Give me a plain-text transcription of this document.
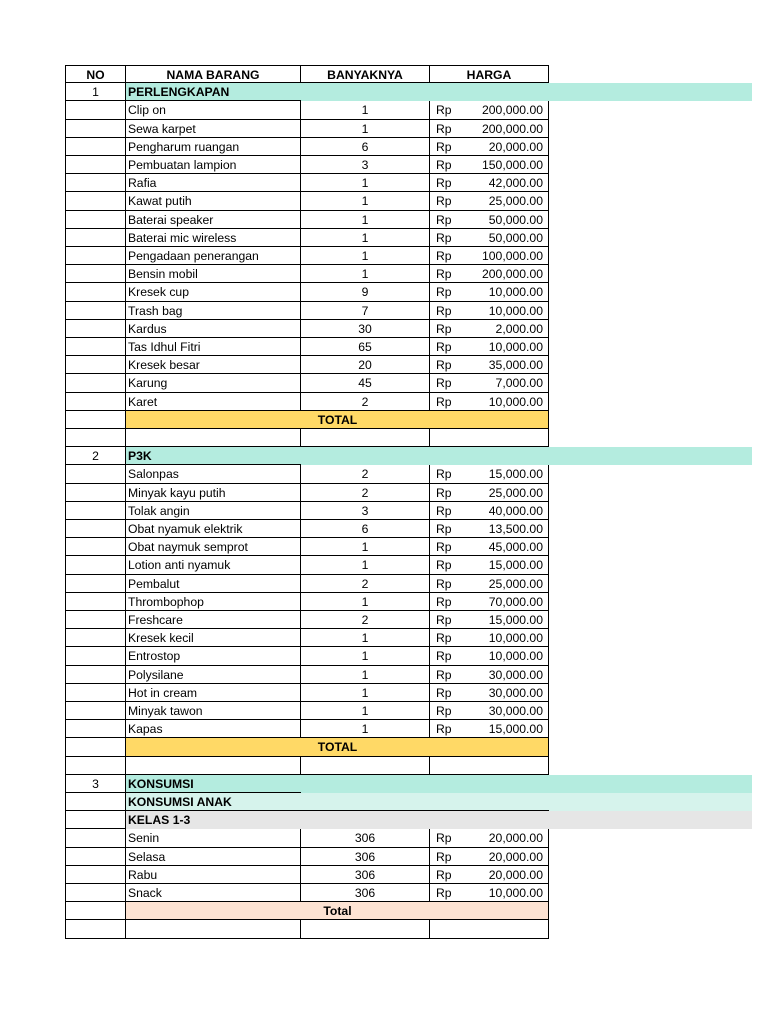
NO	NAMA BARANG	BANYAKNYA	HARGA
1	PERLENGKAPAN
Clip on	1	Rp 200,000.00
Sewa karpet	1	Rp 200,000.00
Pengharum ruangan	6	Rp	20,000.00
Pembuatan lampion	3	Rp 150,000.00
Rafia	1	Rp	42,000.00
Kawat putih	1	Rp	25,000.00
Baterai speaker	1	Rp	50,000.00
Baterai mic wireless	1	Rp	50,000.00
Pengadaan penerangan	1	Rp 100,000.00
Bensin mobil	1	Rp 200,000.00
Kresek cup	9	Rp	10,000.00
Trash bag	7	Rp	10,000.00
Kardus	30	Rp	2,000.00
Tas Idhul Fitri	65	Rp	10,000.00
Kresek besar	20	Rp	35,000.00
Karung	45	Rp	7,000.00
Karet	2	Rp	10,000.00
TOTAL
2	P3K
Salonpas	2	Rp	15,000.00
Minyak kayu putih	2	Rp	25,000.00
Tolak angin	3	Rp	40,000.00
Obat nyamuk elektrik	6	Rp	13,500.00
Obat naymuk semprot	1	Rp	45,000.00
Lotion anti nyamuk	1	Rp	15,000.00
Pembalut	2	Rp	25,000.00
Thrombophop	1	Rp	70,000.00
Freshcare	2	Rp	15,000.00
Kresek kecil	1	Rp	10,000.00
Entrostop	1	Rp	10,000.00
Polysilane	1	Rp	30,000.00
Hot in cream	1	Rp	30,000.00
Minyak tawon	1	Rp	30,000.00
Kapas	1	Rp	15,000.00
TOTAL
3	KONSUMSI
KONSUMSI ANAK
KELAS 1-3
Senin	306	Rp	20,000.00
Selasa	306	Rp	20,000.00
Rabu	306	Rp	20,000.00
Snack	306	Rp	10,000.00
Total
